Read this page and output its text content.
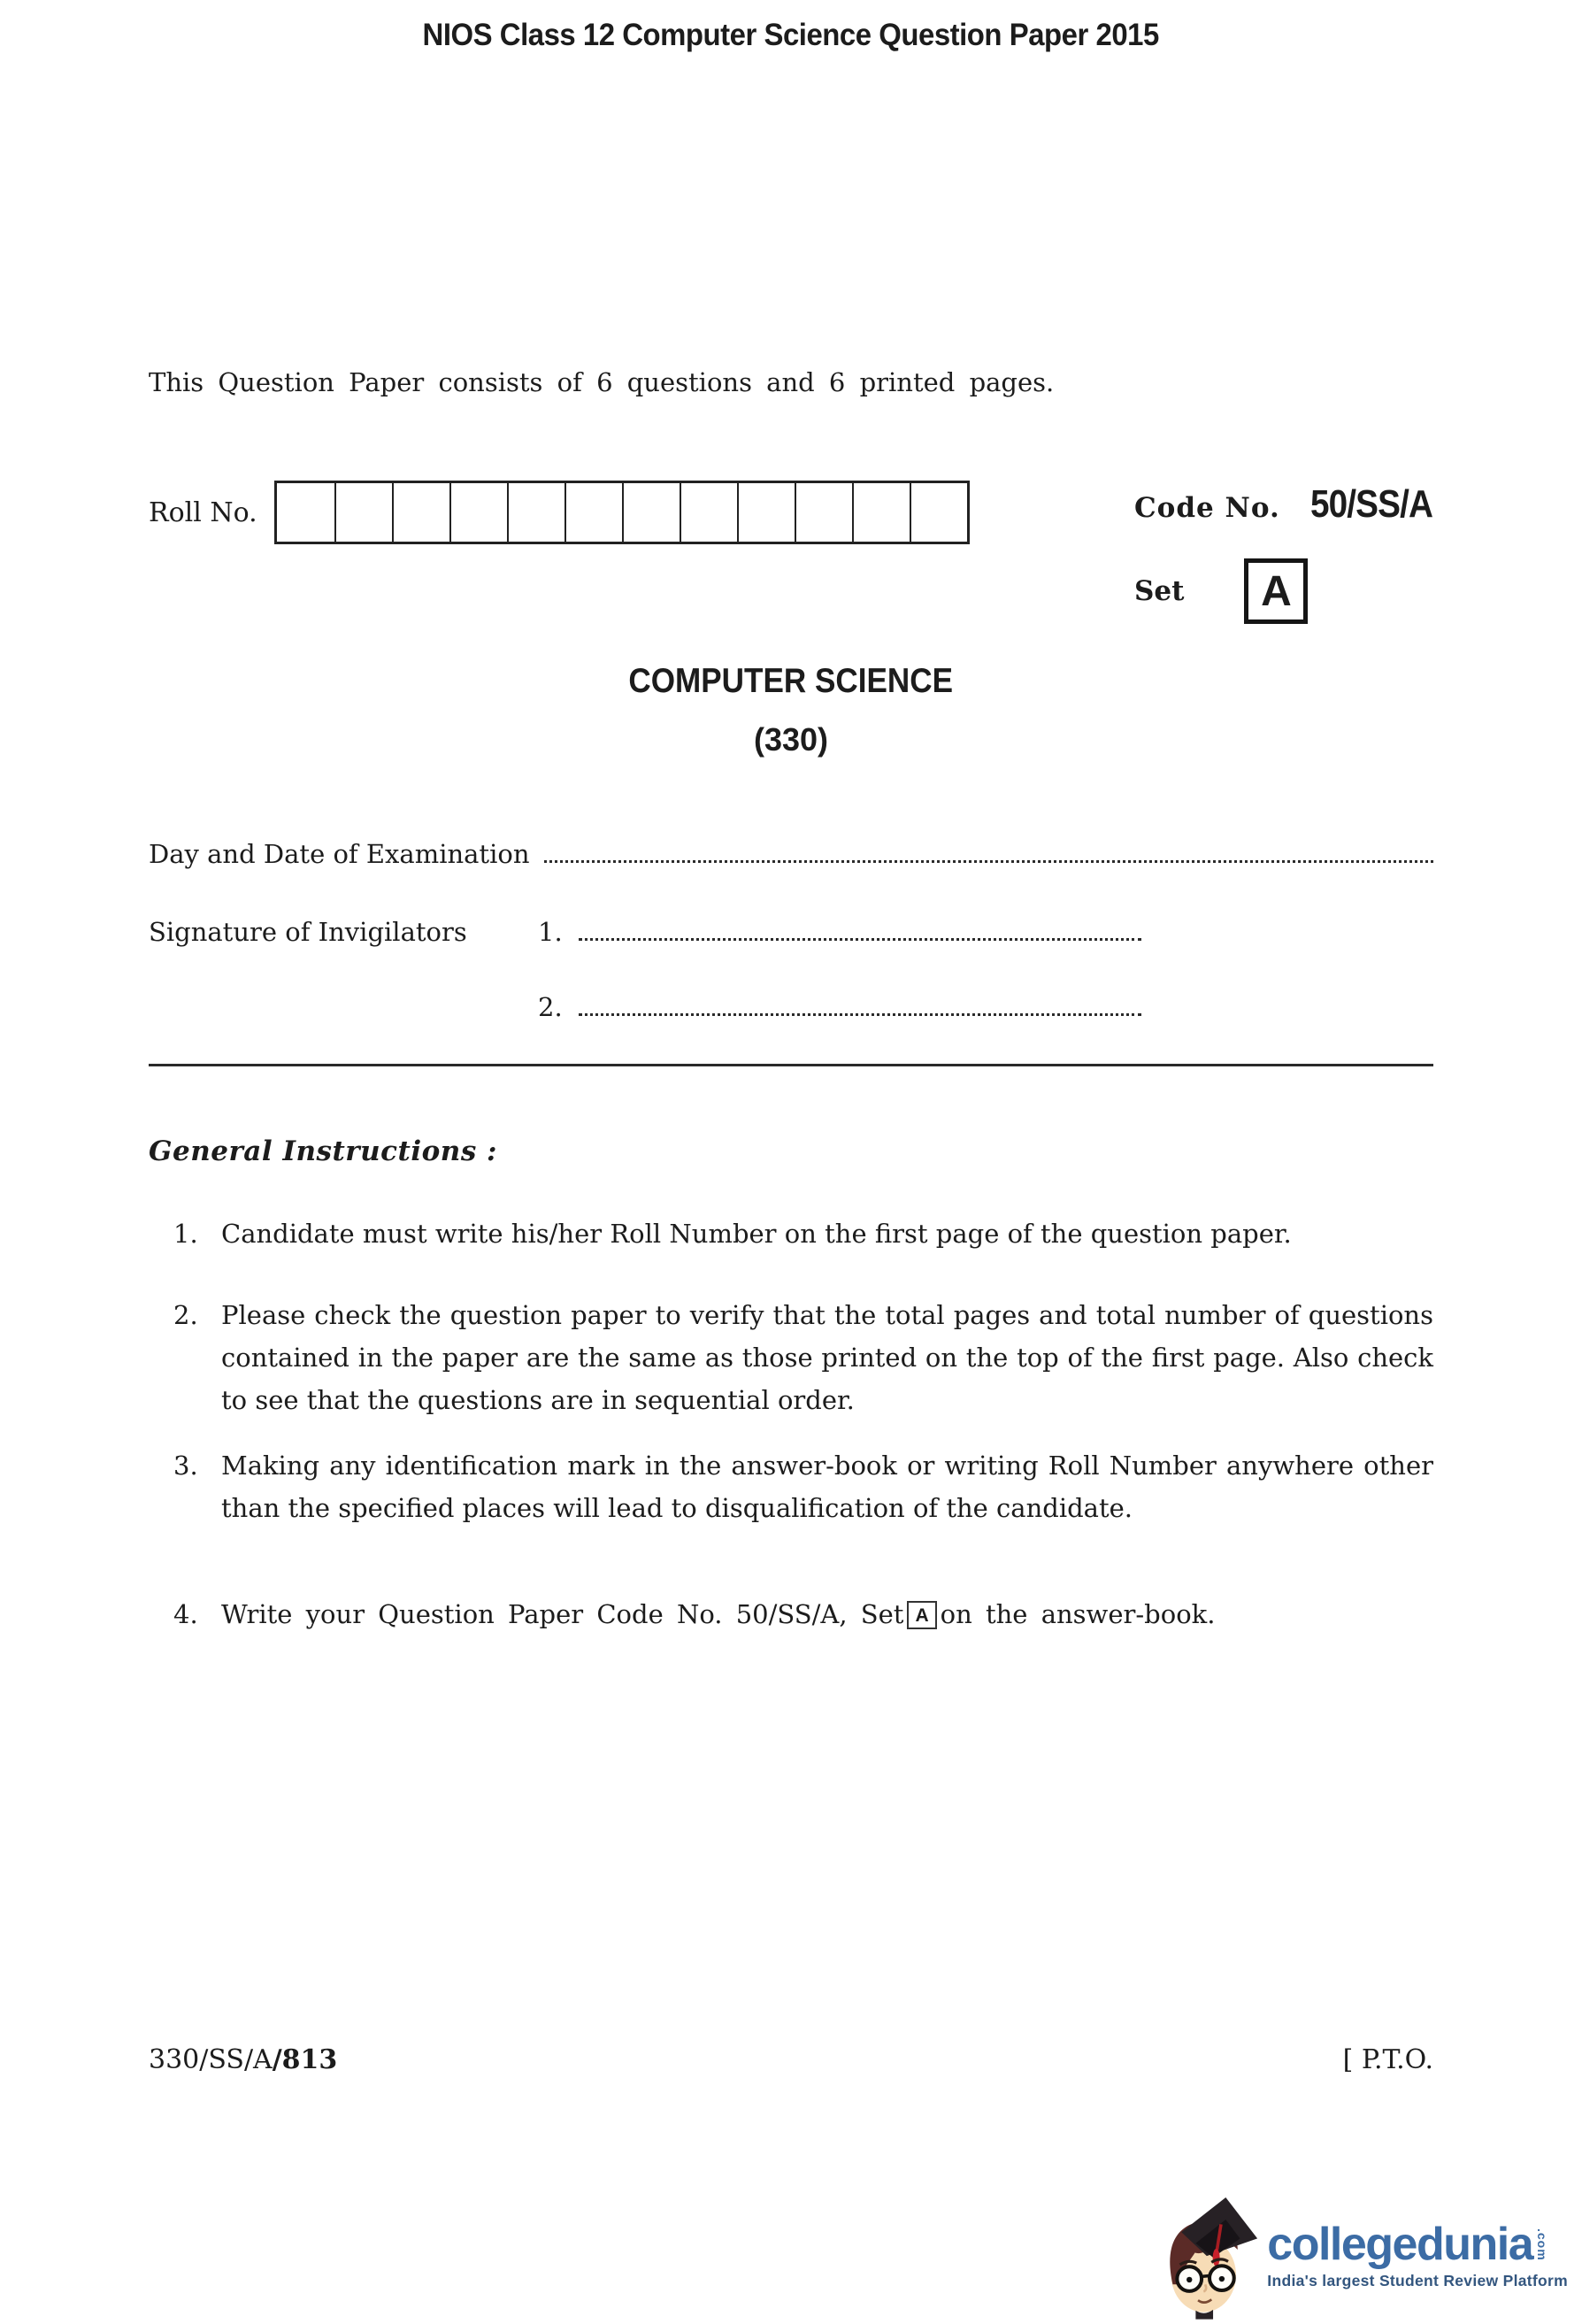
NIOS Class 12 Computer Science Question Paper 2015

This Question Paper consists of 6 questions and 6 printed pages.

Roll No.	Code No. 50/SS/A
Set	A
COMPUTER SCIENCE
(330)
Day and Date of Examination
Signature of Invigilators	1.
2.
General Instructions :
1. Candidate must write his/her Roll Number on the first page of the question paper.
2. Please check the question paper to verify that the total pages and total number of questions contained in the paper are the same as those printed on the top of the first page. Also check to see that the questions are in sequential order.
3. Making any identification mark in the answer-book or writing Roll Number anywhere other than the specified places will lead to disqualification of the candidate.
4. Write your Question Paper Code No. 50/SS/A, Set A on the answer-book.
330/SS/A/813	[ P.T.O.
collegedunia .com
India's largest Student Review Platform
